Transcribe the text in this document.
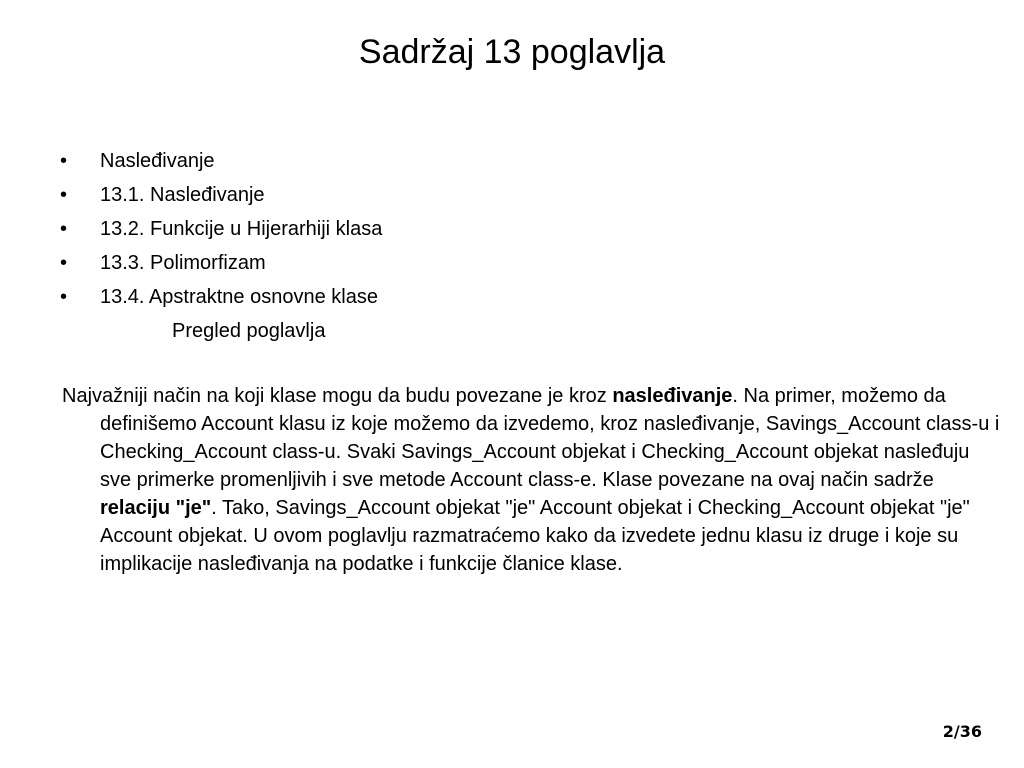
Sadržaj 13 poglavlja
•	Nasleđivanje
•	13.1. Nasleđivanje
•	13.2. Funkcije u Hijerarhiji klasa
•	13.3. Polimorfizam
•	13.4. Apstraktne osnovne klase
Pregled poglavlja

Najvažniji način na koji klase mogu da budu povezane je kroz nasleđivanje. Na primer, možemo da definišemo Account klasu iz koje možemo da izvedemo, kroz nasleđivanje, Savings_Account class-u i Checking_Account class-u. Svaki Savings_Account objekat i Checking_Account objekat nasleđuju sve primerke promenljivih i sve metode Account class-e. Klase povezane na ovaj način sadrže relaciju "je". Tako, Savings_Account objekat "je" Account objekat i Checking_Account objekat "je" Account objekat. U ovom poglavlju razmatraćemo kako da izvedete jednu klasu iz druge i koje su implikacije nasleđivanja na podatke i funkcije članice klase.

2/36
